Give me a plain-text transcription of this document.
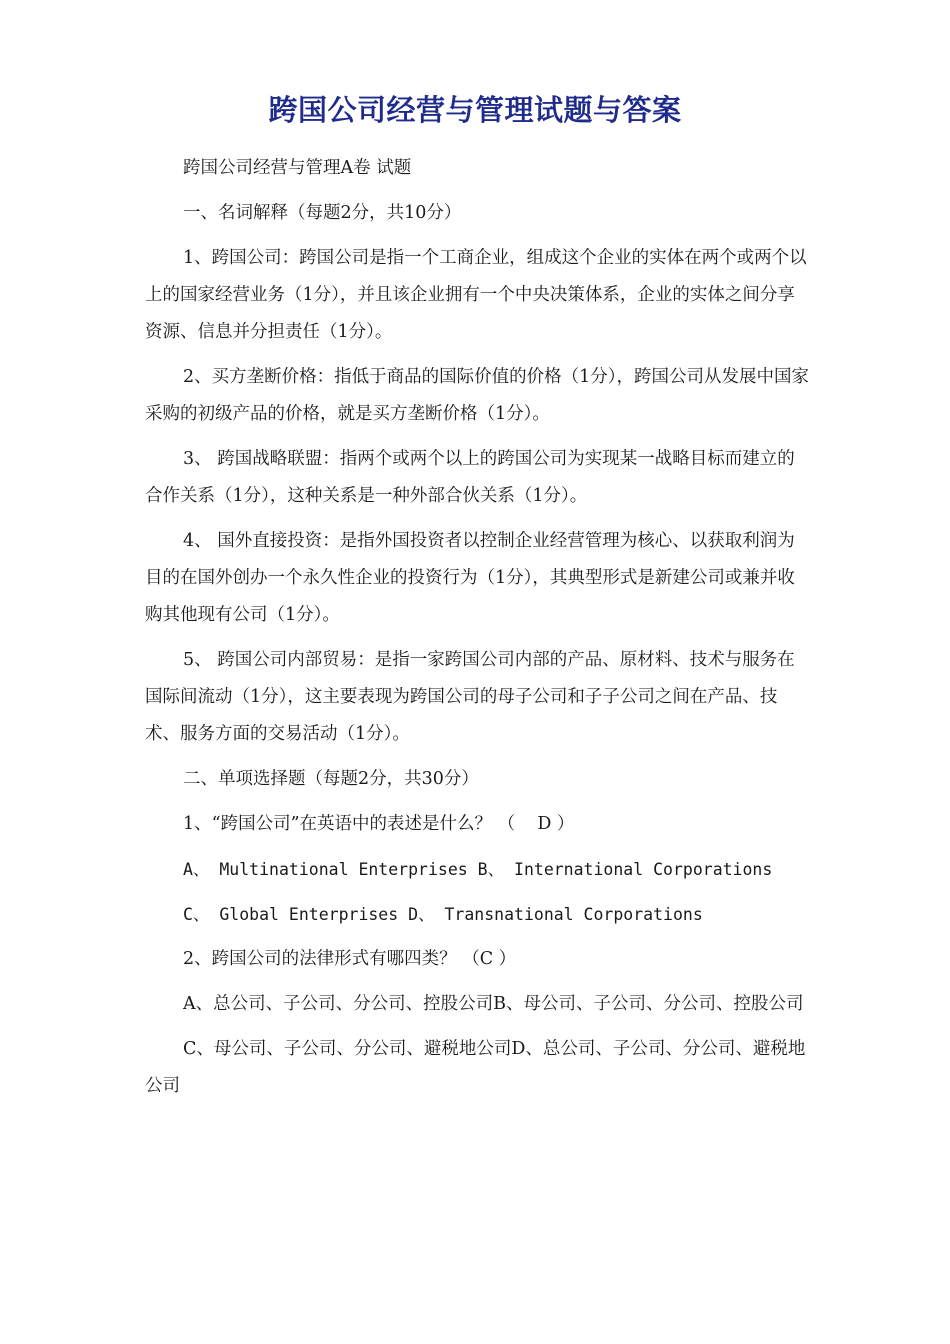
跨国公司经营与管理试题与答案

跨国公司经营与管理A卷 试题

一、名词解释（每题2分，共10分）

1、跨国公司：跨国公司是指一个工商企业，组成这个企业的实体在两个或两个以上的国家经营业务（1分），并且该企业拥有一个中央决策体系，企业的实体之间分享资源、信息并分担责任（1分）。

2、买方垄断价格：指低于商品的国际价值的价格（1分），跨国公司从发展中国家采购的初级产品的价格，就是买方垄断价格（1分）。

3、 跨国战略联盟：指两个或两个以上的跨国公司为实现某一战略目标而建立的合作关系（1分），这种关系是一种外部合伙关系（1分）。

4、 国外直接投资：是指外国投资者以控制企业经营管理为核心、以获取利润为目的在国外创办一个永久性企业的投资行为（1分），其典型形式是新建公司或兼并收购其他现有公司（1分）。

5、 跨国公司内部贸易：是指一家跨国公司内部的产品、原材料、技术与服务在国际间流动（1分），这主要表现为跨国公司的母子公司和子子公司之间在产品、技术、服务方面的交易活动（1分）。

二、单项选择题（每题2分，共30分）

1、“跨国公司”在英语中的表述是什么？ （    D ）

A、 Multinational Enterprises B、 International Corporations

C、 Global Enterprises D、 Transnational Corporations

2、跨国公司的法律形式有哪四类？ （C ）

A、总公司、子公司、分公司、控股公司B、母公司、子公司、分公司、控股公司

C、母公司、子公司、分公司、避税地公司D、总公司、子公司、分公司、避税地公司
